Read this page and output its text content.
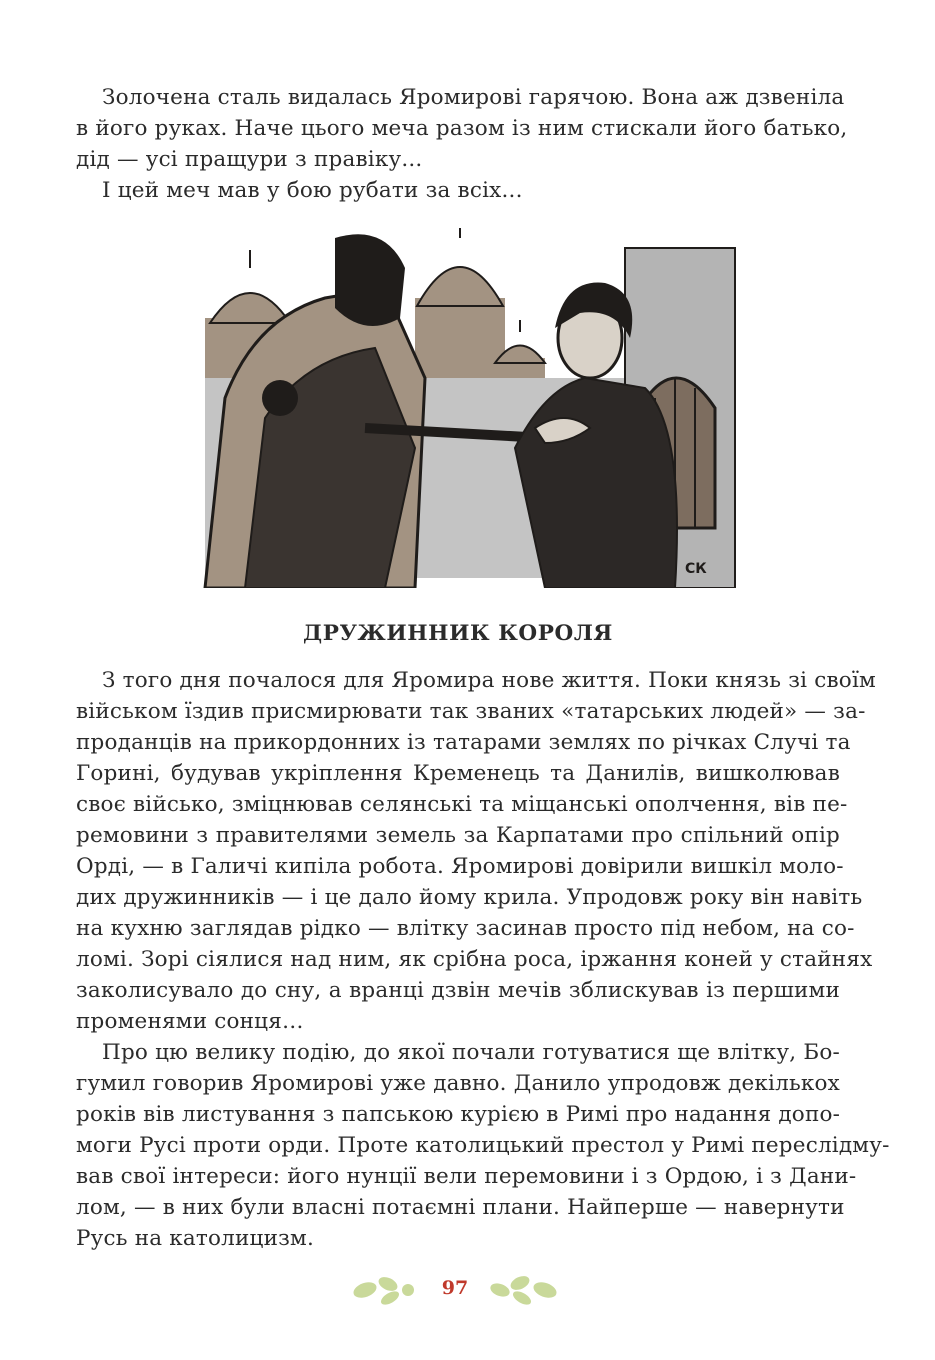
Золочена сталь видалась Яромирові гарячою. Вона аж дзвеніла
в його руках. Наче цього меча разом із ним стискали його батько,
дід — усі пращури з правіку...
І цей меч мав у бою рубати за всіх...
СК
ДРУЖИННИК КОРОЛЯ
З того дня почалося для Яромира нове життя. Поки князь зі своїм
військом їздив присмирювати так званих «татарських людей» — за-
проданців на прикордонних із татарами землях по річках Случі та
Горині, будував укріплення Кременець та Данилів, вишколював
своє військо, зміцнював селянські та міщанські ополчення, вів пе-
ремовини з правителями земель за Карпатами про спільний опір
Орді, — в Галичі кипіла робота. Яромирові довірили вишкіл моло-
дих дружинників — і це дало йому крила. Упродовж року він навіть
на кухню заглядав рідко — влітку засинав просто під небом, на со-
ломі. Зорі сіялися над ним, як срібна роса, іржання коней у стайнях
заколисувало до сну, а вранці дзвін мечів зблискував із першими
променями сонця…
Про цю велику подію, до якої почали готуватися ще влітку, Бо-
гумил говорив Яромирові уже давно. Данило упродовж декількох
років вів листування з папською курією в Римі про надання допо-
моги Русі проти орди. Проте католицький престол у Римі переслідму-
вав свої інтереси: його нунції вели перемовини і з Ордою, і з Дани-
лом, — в них були власні потаємні плани. Найперше — навернути
Русь на католицизм.
97
